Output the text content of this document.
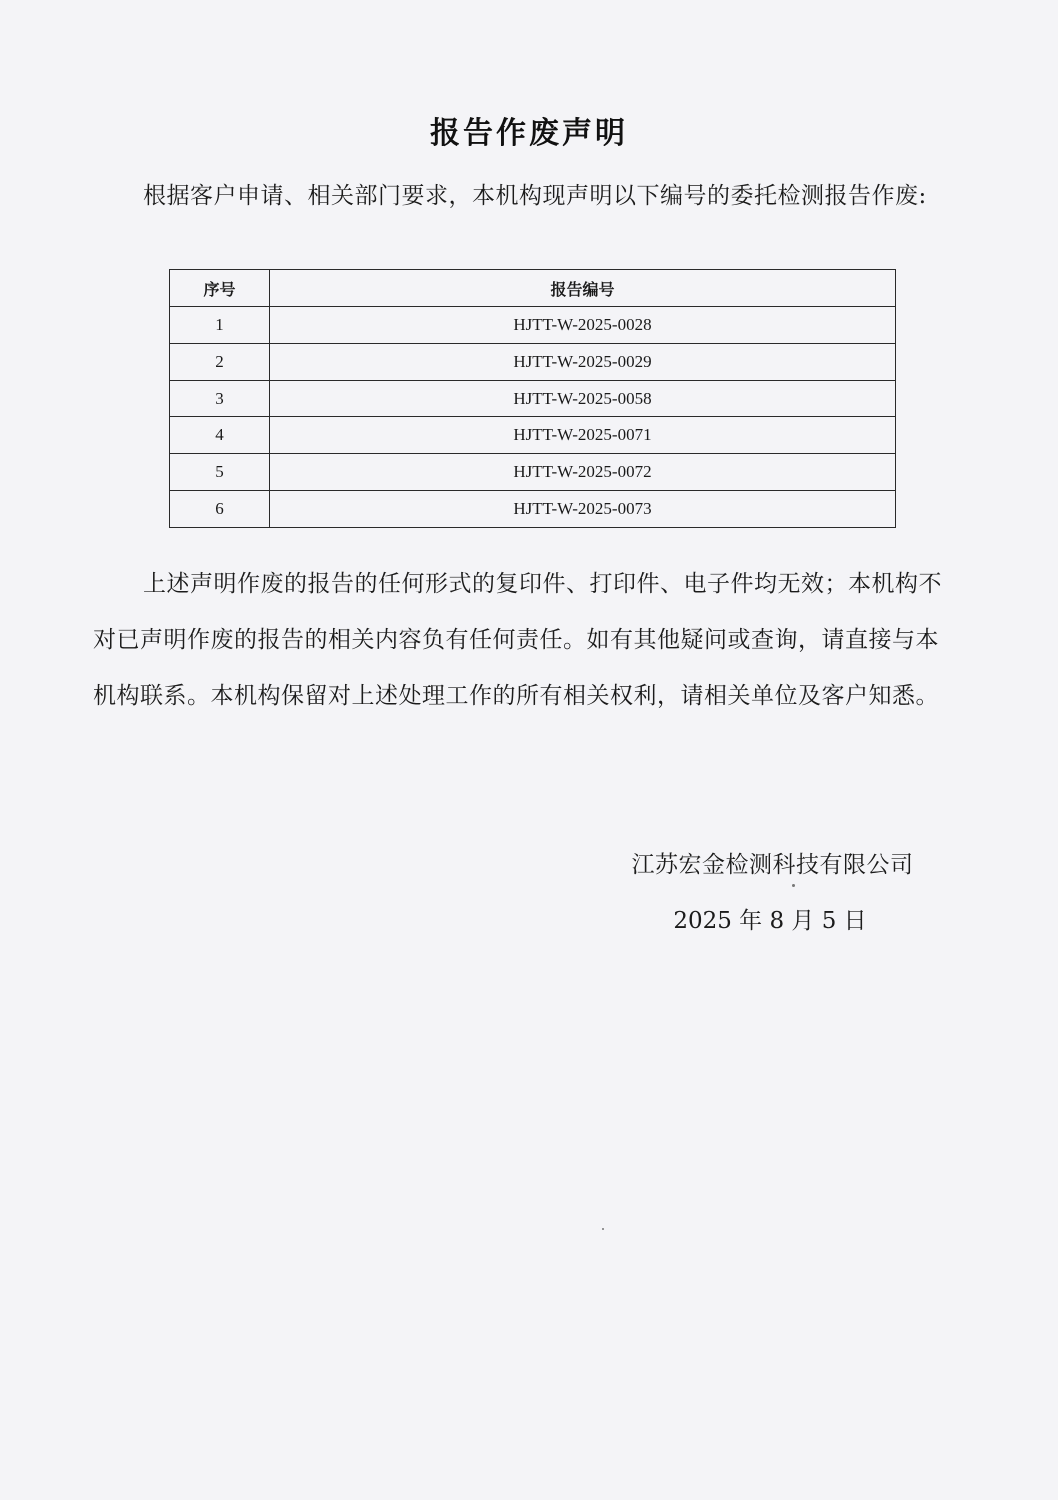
报告作废声明
根据客户申请、相关部门要求，本机构现声明以下编号的委托检测报告作废:
序号	报告编号
1	HJTT-W-2025-0028
2	HJTT-W-2025-0029
3	HJTT-W-2025-0058
4	HJTT-W-2025-0071
5	HJTT-W-2025-0072
6	HJTT-W-2025-0073
上述声明作废的报告的任何形式的复印件、打印件、电子件均无效；本机构不对已声明作废的报告的相关内容负有任何责任。如有其他疑问或查询，请直接与本机构联系。本机构保留对上述处理工作的所有相关权利，请相关单位及客户知悉。
江苏宏金检测科技有限公司
2025 年 8 月 5 日
